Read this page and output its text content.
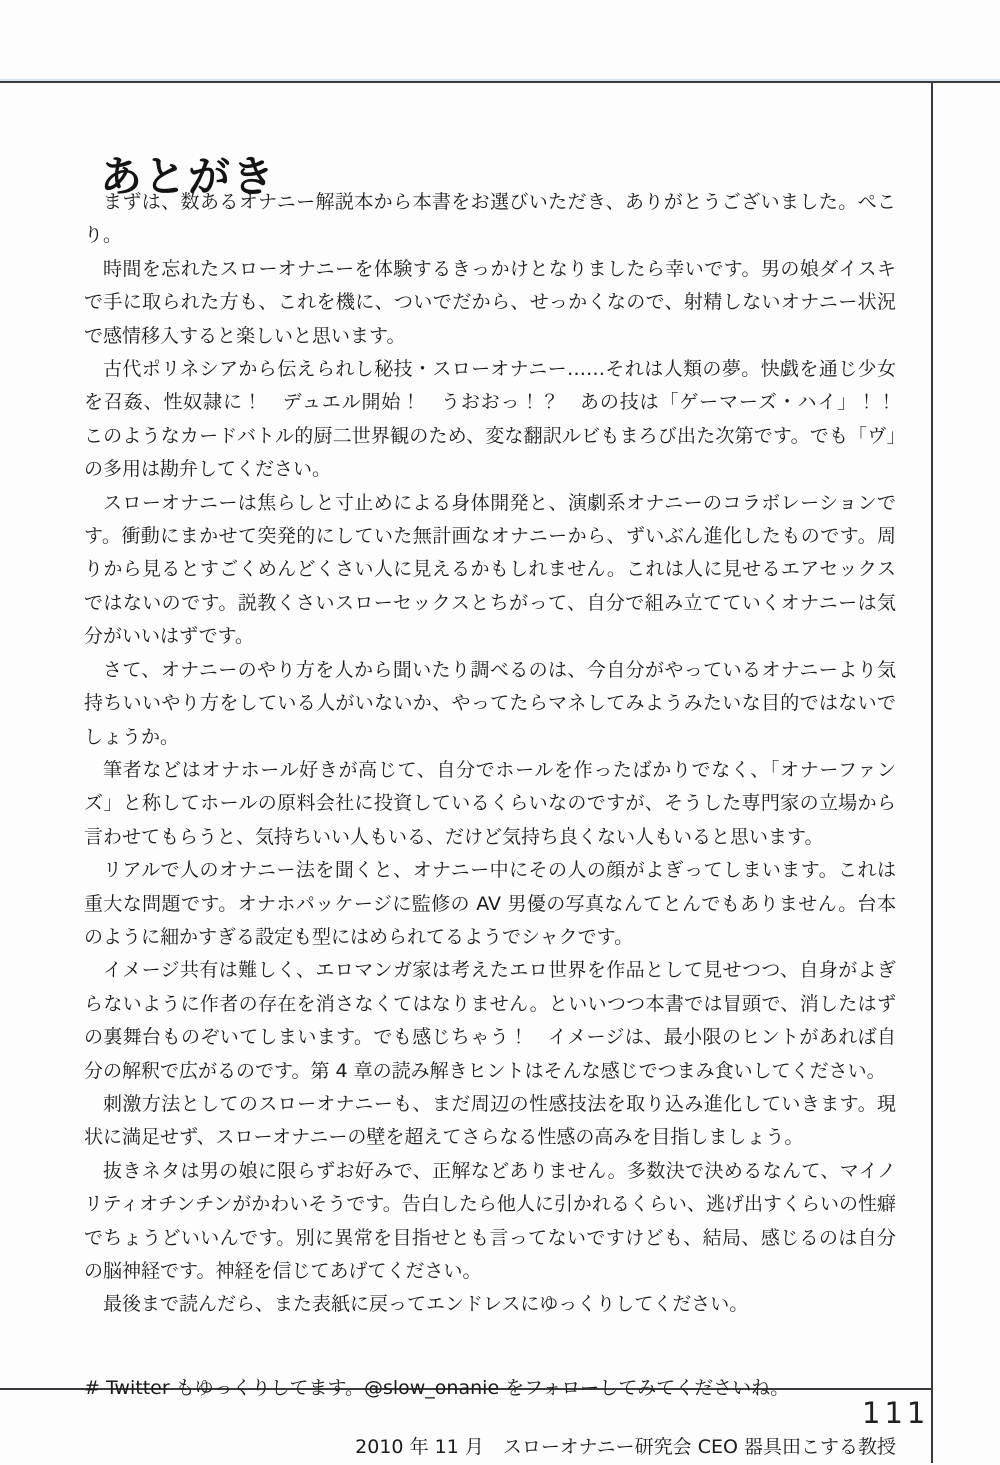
あとがき

まずは、数あるオナニー解説本から本書をお選びいただき、ありがとうございました。ぺこり。

時間を忘れたスローオナニーを体験するきっかけとなりましたら幸いです。男の娘ダイスキで手に取られた方も、これを機に、ついでだから、せっかくなので、射精しないオナニー状況で感情移入すると楽しいと思います。

古代ポリネシアから伝えられし秘技・スローオナニー……それは人類の夢。快戯を通じ少女を召姦、性奴隷に！　デュエル開始！　うおおっ！？　あの技は「ゲーマーズ・ハイ」！！　このようなカードバトル的厨二世界観のため、変な翻訳ルビもまろび出た次第です。でも「ヴ」の多用は勘弁してください。

スローオナニーは焦らしと寸止めによる身体開発と、演劇系オナニーのコラボレーションです。衝動にまかせて突発的にしていた無計画なオナニーから、ずいぶん進化したものです。周りから見るとすごくめんどくさい人に見えるかもしれません。これは人に見せるエアセックスではないのです。説教くさいスローセックスとちがって、自分で組み立てていくオナニーは気分がいいはずです。

さて、オナニーのやり方を人から聞いたり調べるのは、今自分がやっているオナニーより気持ちいいやり方をしている人がいないか、やってたらマネしてみようみたいな目的ではないでしょうか。

筆者などはオナホール好きが高じて、自分でホールを作ったばかりでなく、「オナーファンズ」と称してホールの原料会社に投資しているくらいなのですが、そうした専門家の立場から言わせてもらうと、気持ちいい人もいる、だけど気持ち良くない人もいると思います。

リアルで人のオナニー法を聞くと、オナニー中にその人の顔がよぎってしまいます。これは重大な問題です。オナホパッケージに監修の AV 男優の写真なんてとんでもありません。台本のように細かすぎる設定も型にはめられてるようでシャクです。

イメージ共有は難しく、エロマンガ家は考えたエロ世界を作品として見せつつ、自身がよぎらないように作者の存在を消さなくてはなりません。といいつつ本書では冒頭で、消したはずの裏舞台ものぞいてしまいます。でも感じちゃう！　イメージは、最小限のヒントがあれば自分の解釈で広がるのです。第 4 章の読み解きヒントはそんな感じでつまみ食いしてください。

刺激方法としてのスローオナニーも、まだ周辺の性感技法を取り込み進化していきます。現状に満足せず、スローオナニーの壁を超えてさらなる性感の高みを目指しましょう。

抜きネタは男の娘に限らずお好みで、正解などありません。多数決で決めるなんて、マイノリティオチンチンがかわいそうです。告白したら他人に引かれるくらい、逃げ出すくらいの性癖でちょうどいいんです。別に異常を目指せとも言ってないですけども、結局、感じるのは自分の脳神経です。神経を信じてあげてください。

最後まで読んだら、また表紙に戻ってエンドレスにゆっくりしてください。

# Twitter もゆっくりしてます。@slow_onanie をフォローしてみてくださいね。

2010 年 11 月　スローオナニー研究会 CEO 器具田こする教授

111
